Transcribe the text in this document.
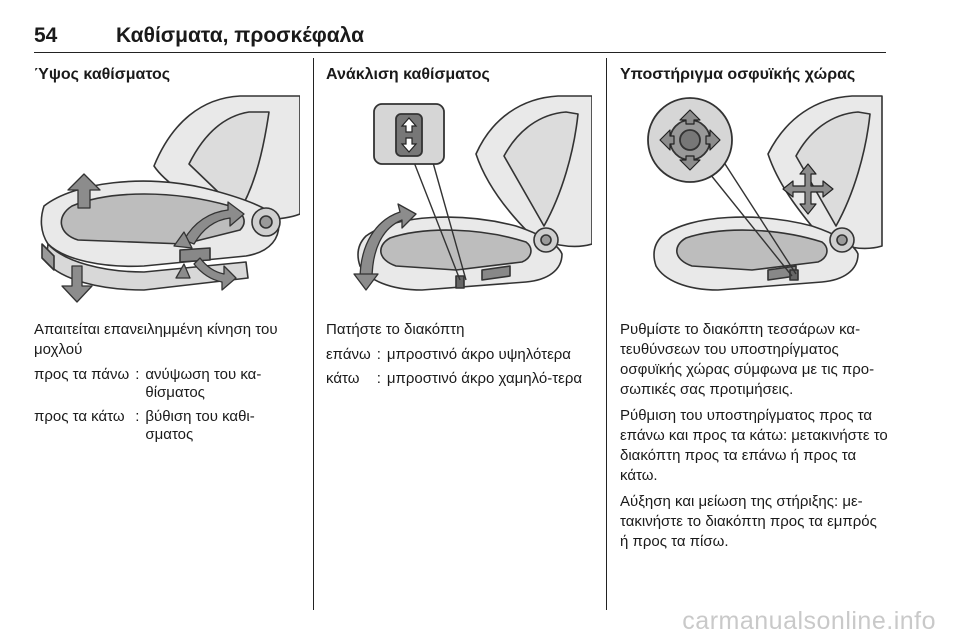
54	Καθίσματα, προσκέφαλα
Ύψος καθίσματος
Απαιτείται επανειλημμένη κίνηση του μοχλού
προς τα πάνω	:	ανύψωση του κα-θίσματος
προς τα κάτω	:	βύθιση του καθι-σματος
Ανάκλιση καθίσματος
Πατήστε το διακόπτη
επάνω	:	μπροστινό άκρο υψηλότερα
κάτω	:	μπροστινό άκρο χαμηλό-τερα
Υποστήριγμα οσφυϊκής χώρας
Ρυθμίστε το διακόπτη τεσσάρων κα-τευθύνσεων του υποστηρίγματος οσφυϊκής χώρας σύμφωνα με τις προ-σωπικές σας προτιμήσεις.
Ρύθμιση του υποστηρίγματος προς τα επάνω και προς τα κάτω: μετακινήστε το διακόπτη προς τα επάνω ή προς τα κάτω.
Αύξηση και μείωση της στήριξης: με-τακινήστε το διακόπτη προς τα εμπρός ή προς τα πίσω.
carmanualsonline.info
